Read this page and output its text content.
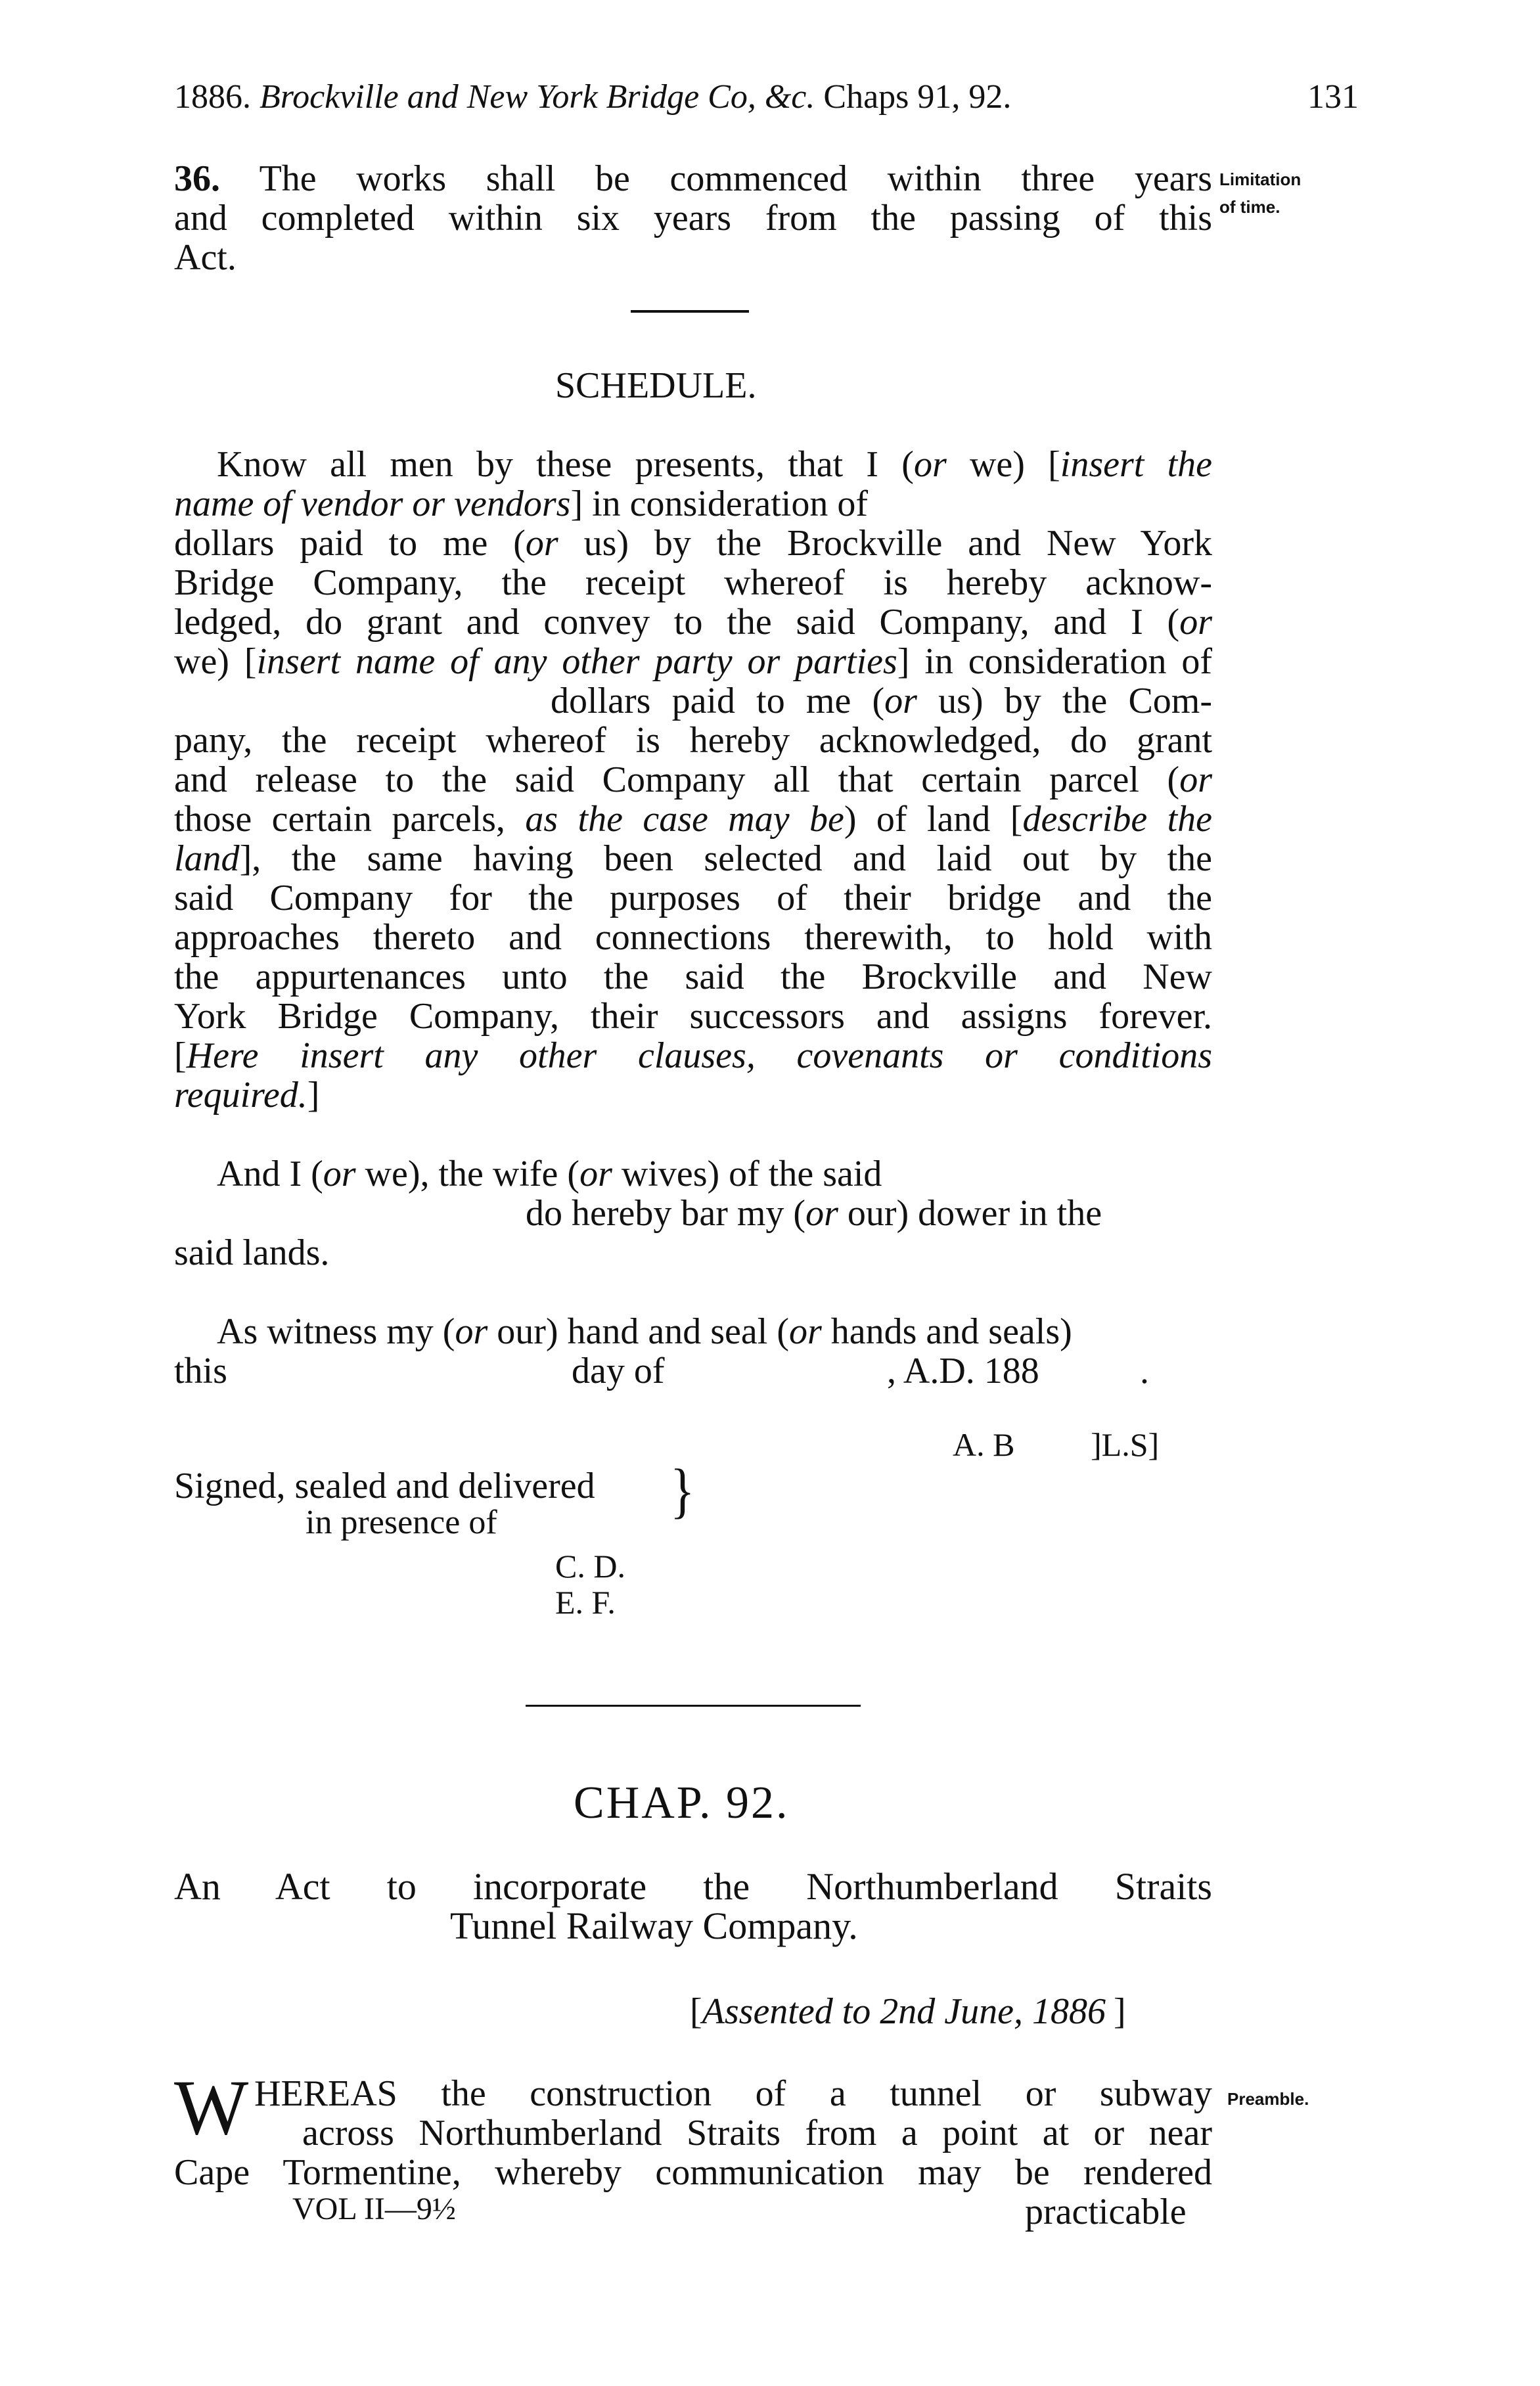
1886. Brockville and New York Bridge Co, &c. Chaps 91, 92.	131
36. The works shall be commenced within three years
and completed within six years from the passing of this
Act.
Limitation
of time.
SCHEDULE.
Know all men by these presents, that I (or we) [insert the
name of vendor or vendors] in consideration of
dollars paid to me (or us) by the Brockville and New York
Bridge Company, the receipt whereof is hereby acknow-
ledged, do grant and convey to the said Company, and I (or
we) [insert name of any other party or parties] in consideration of
dollars paid to me (or us) by the Com-
pany, the receipt whereof is hereby acknowledged, do grant
and release to the said Company all that certain parcel (or
those certain parcels, as the case may be) of land [describe the
land], the same having been selected and laid out by the
said Company for the purposes of their bridge and the
approaches thereto and connections therewith, to hold with
the appurtenances unto the said the Brockville and New
York Bridge Company, their successors and assigns forever.
[Here insert any other clauses, covenants or conditions
required.]
And I (or we), the wife (or wives) of the said
do hereby bar my (or our) dower in the
said lands.
As witness my (or our) hand and seal (or hands and seals)
this	day of	, A.D. 188	.
A. B ]L.S]
Signed, sealed and delivered
in presence of	}
C. D.
E. F.
CHAP. 92.
An Act to incorporate the Northumberland Straits
Tunnel Railway Company.
[Assented to 2nd June, 1886 ]
W HEREAS the construction of a tunnel or subway
across Northumberland Straits from a point at or near
Cape Tormentine, whereby communication may be rendered
Preamble.
VOL II—9½	practicable
